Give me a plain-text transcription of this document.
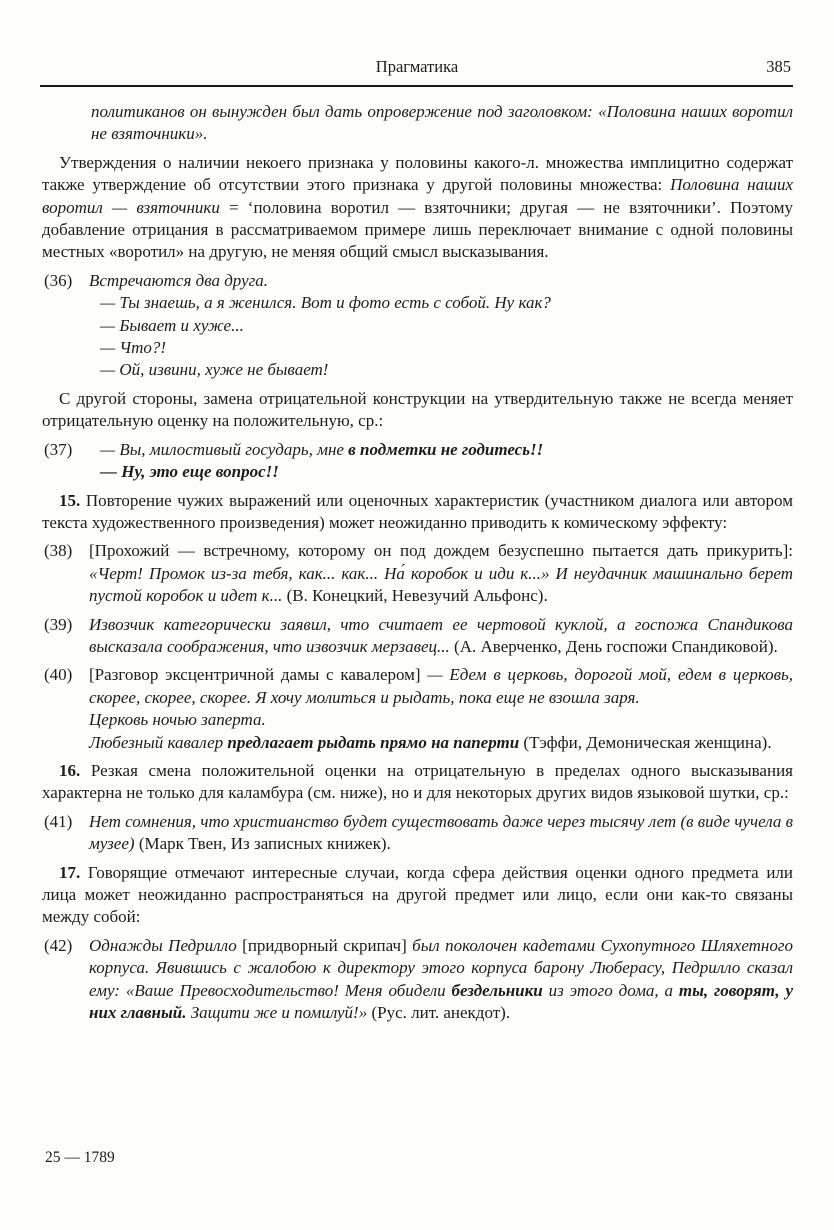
Прагматика	385
политиканов он вынужден был дать опровержение под заголовком: «Половина наших воротил не взяточники».
Утверждения о наличии некоего признака у половины какого-л. множества имплицитно содержат также утверждение об отсутствии этого признака у другой половины множества: Половина наших воротил — взяточники = ‘половина воротил — взяточники; другая — не взяточники’. Поэтому добавление отрицания в рассматриваемом примере лишь переключает внимание с одной половины местных «воротил» на другую, не меняя общий смысл высказывания.
(36) Встречаются два друга.
— Ты знаешь, а я женился. Вот и фото есть с собой. Ну как?
— Бывает и хуже...
— Что?!
— Ой, извини, хуже не бывает!
С другой стороны, замена отрицательной конструкции на утвердительную также не всегда меняет отрицательную оценку на положительную, ср.:
(37)	— Вы, милостивый государь, мне в подметки не годитесь!!
— Ну, это еще вопрос!!
15. Повторение чужих выражений или оценочных характеристик (участником диалога или автором текста художественного произведения) может неожиданно приводить к комическому эффекту:
(38) [Прохожий — встречному, которому он под дождем безуспешно пытается дать прикурить]: «Черт! Промок из-за тебя, как... как... На́ коробок и иди к...» И неудачник машинально берет пустой коробок и идет к... (В. Конецкий, Невезучий Альфонс).
(39) Извозчик категорически заявил, что считает ее чертовой куклой, а госпожа Спандикова высказала соображения, что извозчик мерзавец... (А. Аверченко, День госпожи Спандиковой).
(40) [Разговор эксцентричной дамы с кавалером] — Едем в церковь, дорогой мой, едем в церковь, скорее, скорее, скорее. Я хочу молиться и рыдать, пока еще не взошла заря.
Церковь ночью заперта.
Любезный кавалер предлагает рыдать прямо на паперти (Тэффи, Демоническая женщина).
16. Резкая смена положительной оценки на отрицательную в пределах одного высказывания характерна не только для каламбура (см. ниже), но и для некоторых других видов языковой шутки, ср.:
(41) Нет сомнения, что христианство будет существовать даже через тысячу лет (в виде чучела в музее) (Марк Твен, Из записных книжек).
17. Говорящие отмечают интересные случаи, когда сфера действия оценки одного предмета или лица может неожиданно распространяться на другой предмет или лицо, если они как-то связаны между собой:
(42) Однажды Педрилло [придворный скрипач] был поколочен кадетами Сухопутного Шляхетного корпуса. Явившись с жалобою к директору этого корпуса барону Люберасу, Педрилло сказал ему: «Ваше Превосходительство! Меня обидели бездельники из этого дома, а ты, говорят, у них главный. Защити же и помилуй!» (Рус. лит. анекдот).
25 — 1789
